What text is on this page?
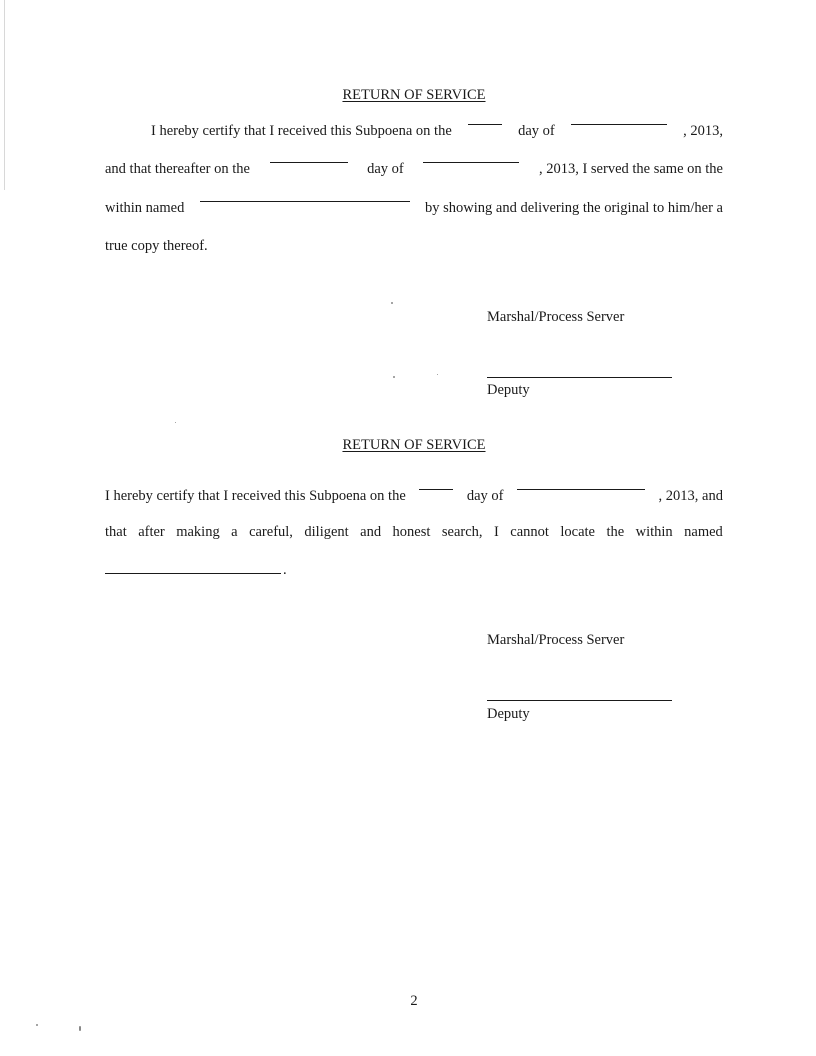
RETURN OF SERVICE
I hereby certify that I received this Subpoena on the	day of	, 2013,
and that thereafter on the	day of	, 2013, I served the same on the
within named	by showing and delivering the original to him/her a
true copy thereof.
Marshal/Process Server
Deputy
RETURN OF SERVICE
I hereby certify that I received this Subpoena on the	day of	, 2013, and
that after making a careful, diligent and honest search, I cannot locate the within named
.
Marshal/Process Server
Deputy
2
